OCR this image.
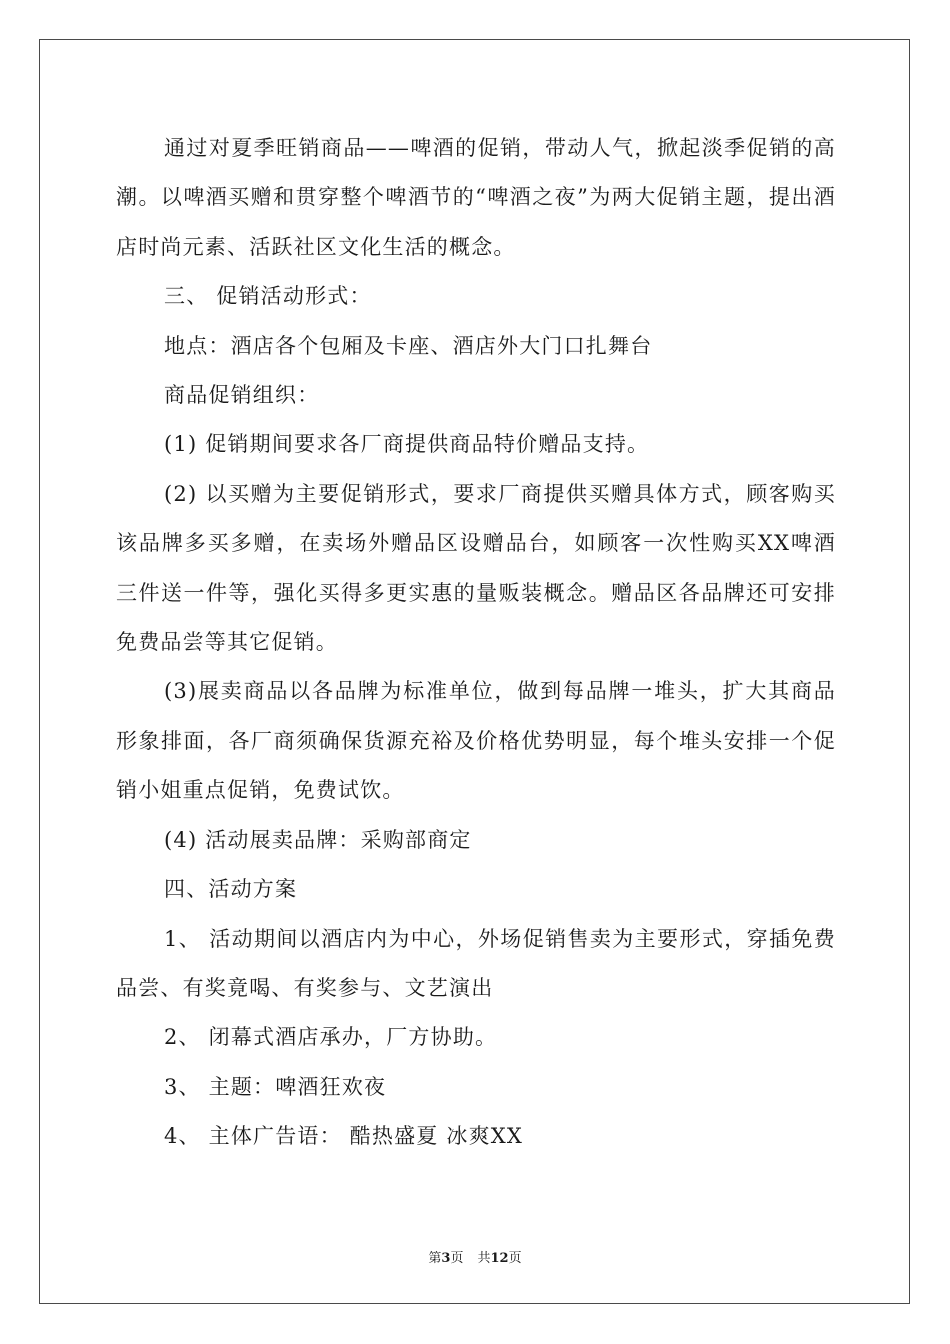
通过对夏季旺销商品——啤酒的促销，带动人气，掀起淡季促销的高潮。以啤酒买赠和贯穿整个啤酒节的“啤酒之夜”为两大促销主题，提出酒店时尚元素、活跃社区文化生活的概念。

三、 促销活动形式：

地点：酒店各个包厢及卡座、酒店外大门口扎舞台

商品促销组织：

(1) 促销期间要求各厂商提供商品特价赠品支持。

(2) 以买赠为主要促销形式，要求厂商提供买赠具体方式，顾客购买该品牌多买多赠，在卖场外赠品区设赠品台，如顾客一次性购买XX啤酒三件送一件等，强化买得多更实惠的量贩装概念。赠品区各品牌还可安排免费品尝等其它促销。

(3)展卖商品以各品牌为标准单位，做到每品牌一堆头，扩大其商品形象排面，各厂商须确保货源充裕及价格优势明显，每个堆头安排一个促销小姐重点促销，免费试饮。

(4) 活动展卖品牌：采购部商定

四、活动方案

1、 活动期间以酒店内为中心，外场促销售卖为主要形式，穿插免费品尝、有奖竟喝、有奖参与、文艺演出

2、 闭幕式酒店承办，厂方协助。

3、 主题：啤酒狂欢夜

4、 主体广告语： 酷热盛夏 冰爽XX

第3页 共12页
